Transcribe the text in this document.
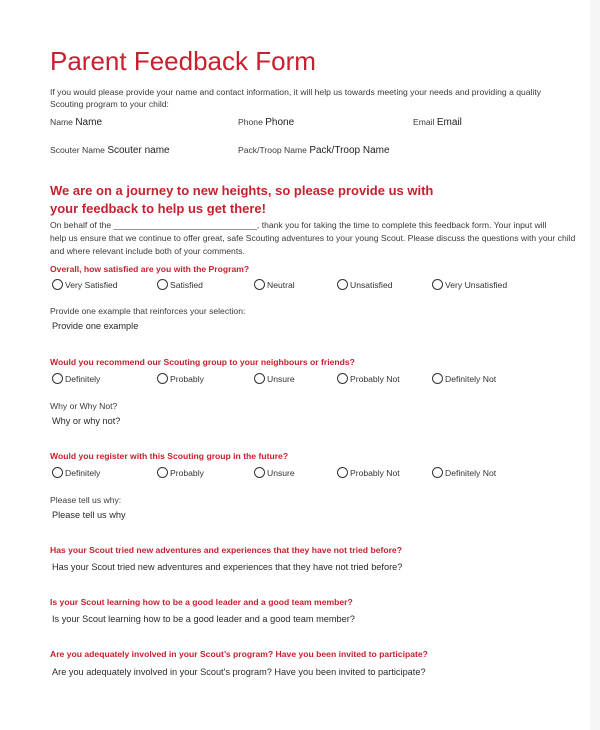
Parent Feedback Form
If you would please provide your name and contact information, it will help us towards meeting your needs and providing a quality
Scouting program to your child:
Name Name	Phone Phone	Email Email
Scouter Name Scouter name	Pack/Troop Name Pack/Troop Name
We are on a journey to new heights, so please provide us with
your feedback to help us get there!
On behalf of the ______________________________, thank you for taking the time to complete this feedback form. Your input will
help us ensure that we continue to offer great, safe Scouting adventures to your young Scout. Please discuss the questions with your child
and where relevant include both of your comments.
Overall, how satisfied are you with the Program?
Very Satisfied	Satisfied	Neutral	Unsatisfied	Very Unsatisfied
Provide one example that reinforces your selection:
Provide one example
Would you recommend our Scouting group to your neighbours or friends?
Definitely	Probably	Unsure	Probably Not	Definitely Not
Why or Why Not?
Why or why not?
Would you register with this Scouting group in the future?
Definitely	Probably	Unsure	Probably Not	Definitely Not
Please tell us why:
Please tell us why
Has your Scout tried new adventures and experiences that they have not tried before?
Has your Scout tried new adventures and experiences that they have not tried before?
Is your Scout learning how to be a good leader and a good team member?
Is your Scout learning how to be a good leader and a good team member?
Are you adequately involved in your Scout’s program? Have you been invited to participate?
Are you adequately involved in your Scout's program? Have you been invited to participate?
